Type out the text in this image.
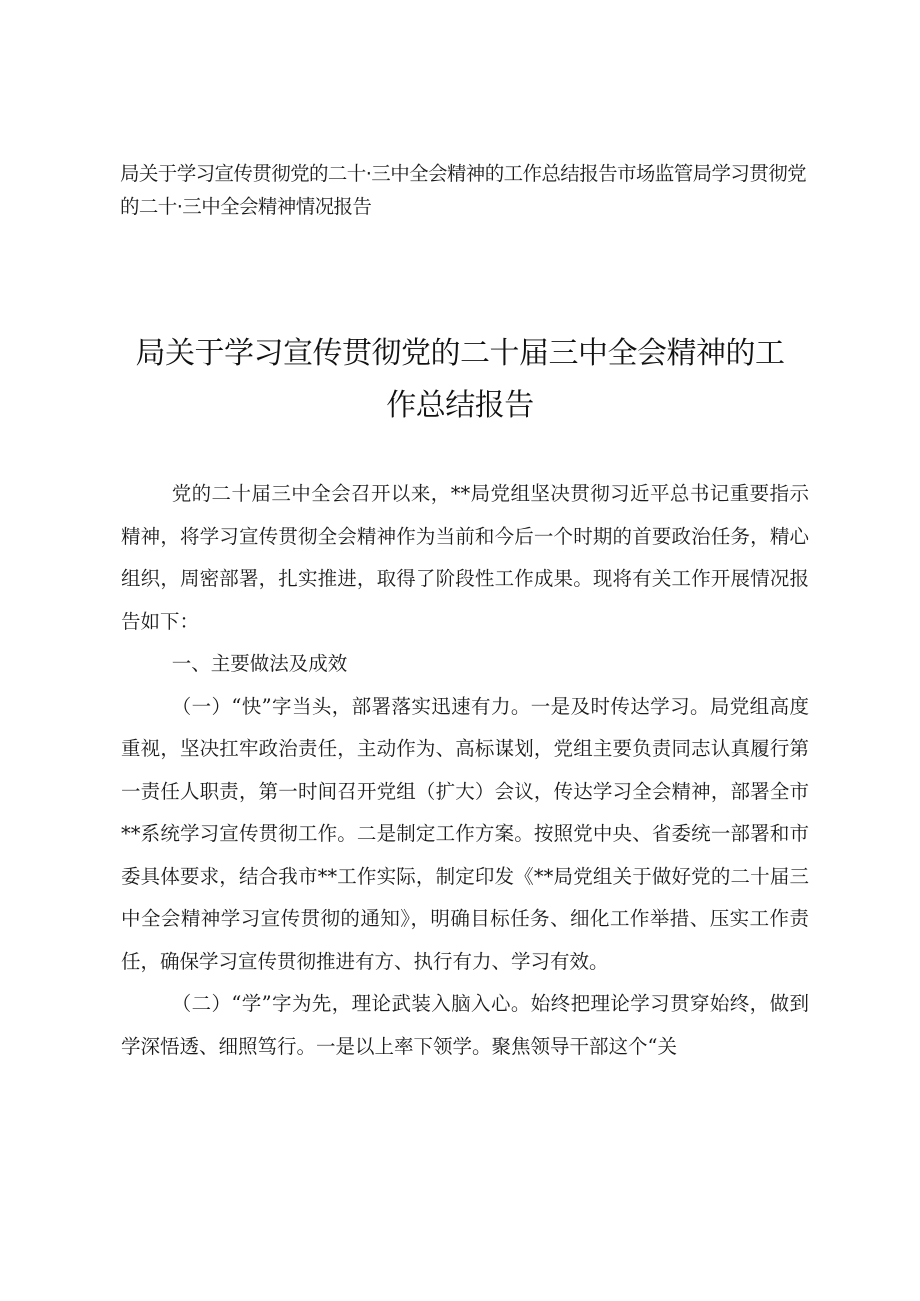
局关于学习宣传贯彻党的二十·三中全会精神的工作总结报告市场监管局学习贯彻党的二十·三中全会精神情况报告
局关于学习宣传贯彻党的二十届三中全会精神的工作总结报告

党的二十届三中全会召开以来，**局党组坚决贯彻习近平总书记重要指示精神，将学习宣传贯彻全会精神作为当前和今后一个时期的首要政治任务，精心组织，周密部署，扎实推进，取得了阶段性工作成果。现将有关工作开展情况报告如下：

一、主要做法及成效

（一）“快”字当头，部署落实迅速有力。一是及时传达学习。局党组高度重视，坚决扛牢政治责任，主动作为、高标谋划，党组主要负责同志认真履行第一责任人职责，第一时间召开党组（扩大）会议，传达学习全会精神，部署全市**系统学习宣传贯彻工作。二是制定工作方案。按照党中央、省委统一部署和市委具体要求，结合我市**工作实际，制定印发《**局党组关于做好党的二十届三中全会精神学习宣传贯彻的通知》，明确目标任务、细化工作举措、压实工作责任，确保学习宣传贯彻推进有方、执行有力、学习有效。

（二）“学”字为先，理论武装入脑入心。始终把理论学习贯穿始终，做到学深悟透、细照笃行。一是以上率下领学。聚焦领导干部这个“关
